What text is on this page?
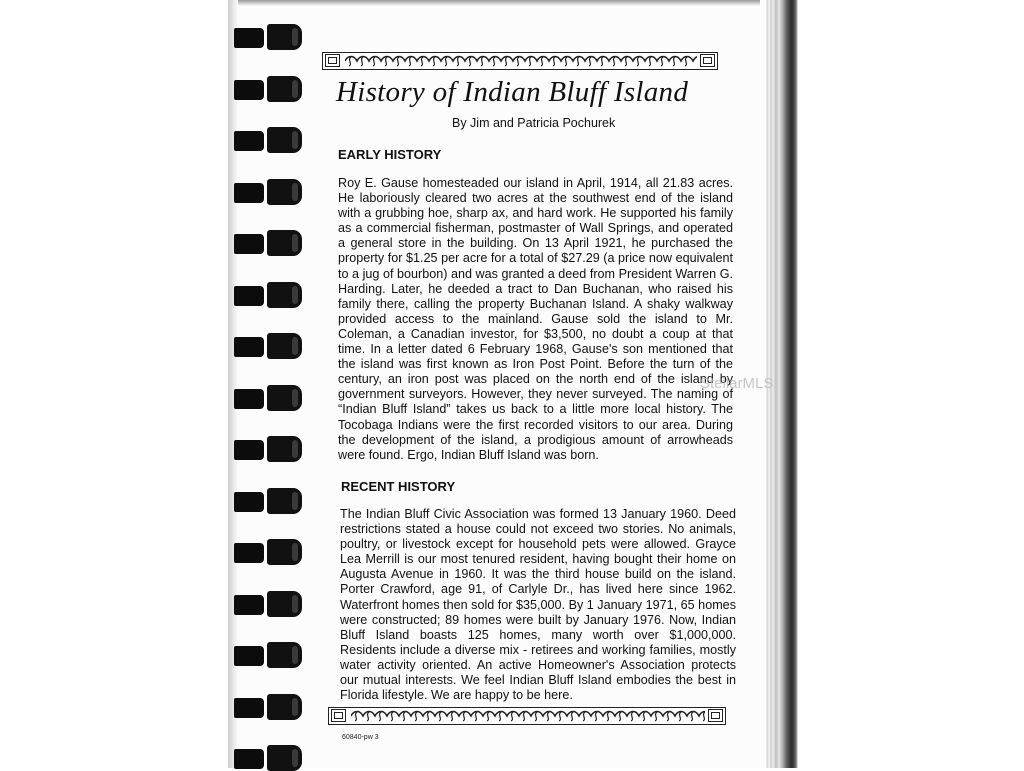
History of Indian Bluff Island
By Jim and Patricia Pochurek
EARLY HISTORY
Roy E. Gause homesteaded our island in April, 1914, all 21.83 acres. He laboriously cleared two acres at the southwest end of the island with a grubbing hoe, sharp ax, and hard work. He supported his family as a commercial fisherman, postmaster of Wall Springs, and operated a general store in the building. On 13 April 1921, he purchased the property for $1.25 per acre for a total of $27.29 (a price now equivalent to a jug of bourbon) and was granted a deed from President Warren G. Harding. Later, he deeded a tract to Dan Buchanan, who raised his family there, calling the property Buchanan Island. A shaky walkway provided access to the mainland. Gause sold the island to Mr. Coleman, a Canadian investor, for $3,500, no doubt a coup at that time. In a letter dated 6 February 1968, Gause's son mentioned that the island was first known as Iron Post Point. Before the turn of the century, an iron post was placed on the north end of the island by government surveyors. However, they never surveyed. The naming of “Indian Bluff Island” takes us back to a little more local history. The Tocobaga Indians were the first recorded visitors to our area. During the development of the island, a prodigious amount of arrowheads were found. Ergo, Indian Bluff Island was born.
RECENT HISTORY
The Indian Bluff Civic Association was formed 13 January 1960. Deed restrictions stated a house could not exceed two stories. No animals, poultry, or livestock except for household pets were allowed. Grayce Lea Merrill is our most tenured resident, having bought their home on Augusta Avenue in 1960. It was the third house build on the island. Porter Crawford, age 91, of Carlyle Dr., has lived here since 1962. Waterfront homes then sold for $35,000. By 1 January 1971, 65 homes were constructed; 89 homes were built by January 1976. Now, Indian Bluff Island boasts 125 homes, many worth over $1,000,000. Residents include a diverse mix - retirees and working families, mostly water activity oriented. An active Homeowner's Association protects our mutual interests. We feel Indian Bluff Island embodies the best in Florida lifestyle. We are happy to be here.
StellarMLS
60840-pw 3
